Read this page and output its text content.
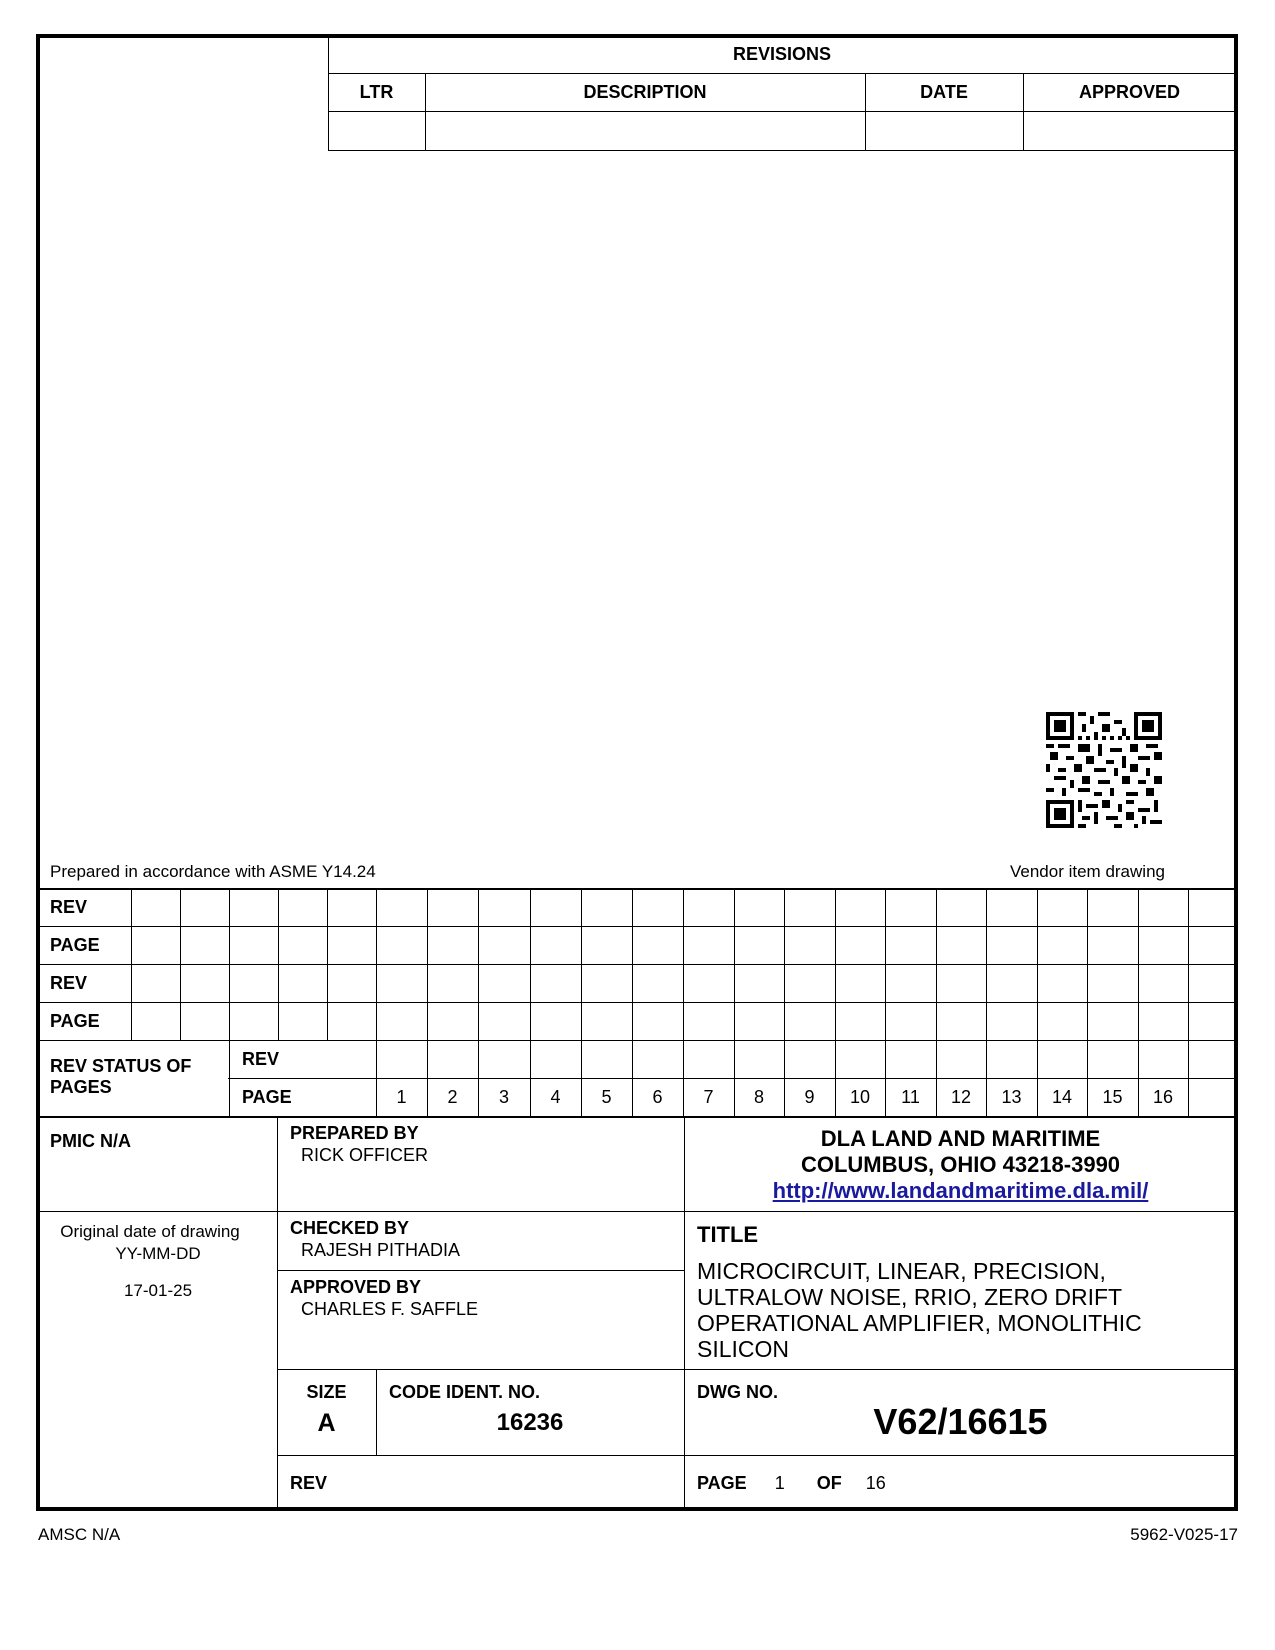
REVISIONS
LTR	DESCRIPTION	DATE	APPROVED
Prepared in accordance with ASME Y14.24	Vendor item drawing
REV
PAGE
REV
PAGE
REV STATUS OF PAGES
REV
PAGE	1	2	3	4	5	6	7	8	9	10	11	12	13	14	15	16
PMIC N/A	PREPARED BY
RICK OFFICER
DLA LAND AND MARITIME
COLUMBUS, OHIO 43218-3990
http://www.landandmaritime.dla.mil/
Original date of drawing
YY-MM-DD
17-01-25
CHECKED BY
RAJESH PITHADIA
APPROVED BY
CHARLES F. SAFFLE
TITLE
MICROCIRCUIT, LINEAR, PRECISION,
ULTRALOW NOISE, RRIO, ZERO DRIFT
OPERATIONAL AMPLIFIER, MONOLITHIC
SILICON
SIZE
A
CODE IDENT. NO.
16236
DWG NO.
V62/16615
REV	PAGE 1 OF 16
AMSC N/A	5962-V025-17
